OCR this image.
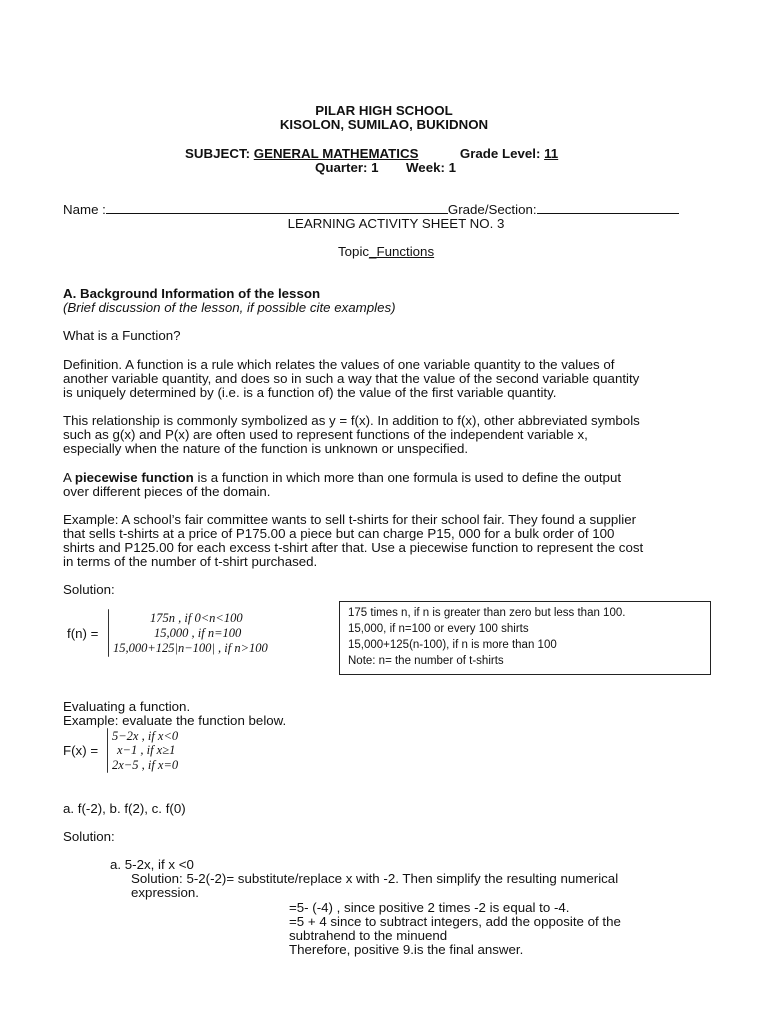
PILAR HIGH SCHOOL
KISOLON, SUMILAO, BUKIDNON
SUBJECT: GENERAL MATHEMATICS	Grade Level: 11
Quarter: 1 Week: 1
Name :	Grade/Section:
LEARNING ACTIVITY SHEET NO. 3
Topic_Functions
A. Background Information of the lesson
(Brief discussion of the lesson, if possible cite examples)
What is a Function?
Definition. A function is a rule which relates the values of one variable quantity to the values of
another variable quantity, and does so in such a way that the value of the second variable quantity
is uniquely determined by (i.e. is a function of) the value of the first variable quantity.
This relationship is commonly symbolized as y = f(x). In addition to f(x), other abbreviated symbols
such as g(x) and P(x) are often used to represent functions of the independent variable x,
especially when the nature of the function is unknown or unspecified.
A piecewise function is a function in which more than one formula is used to define the output
over different pieces of the domain.
Example: A school’s fair committee wants to sell t-shirts for their school fair. They found a supplier
that sells t-shirts at a price of P175.00 a piece but can charge P15, 000 for a bulk order of 100
shirts and P125.00 for each excess t-shirt after that. Use a piecewise function to represent the cost
in terms of the number of t-shirt purchased.
Solution:
f(n) =
175n , if 0<n<100
15,000 , if n=100
15,000+125|n−100| , if n>100
175 times n, if n is greater than zero but less than 100.
15,000, if n=100 or every 100 shirts
15,000+125(n-100), if n is more than 100
Note: n= the number of t-shirts
Evaluating a function.
Example: evaluate the function below.
F(x) =
5−2x , if x<0
x−1 , if x≥1
2x−5 , if x=0
a. f(-2), b. f(2), c. f(0)
Solution:
a. 5-2x, if x <0
Solution: 5-2(-2)= substitute/replace x with -2. Then simplify the resulting numerical
expression.
=5- (-4) , since positive 2 times -2 is equal to -4.
=5 + 4 since to subtract integers, add the opposite of the
subtrahend to the minuend
Therefore, positive 9.is the final answer.
